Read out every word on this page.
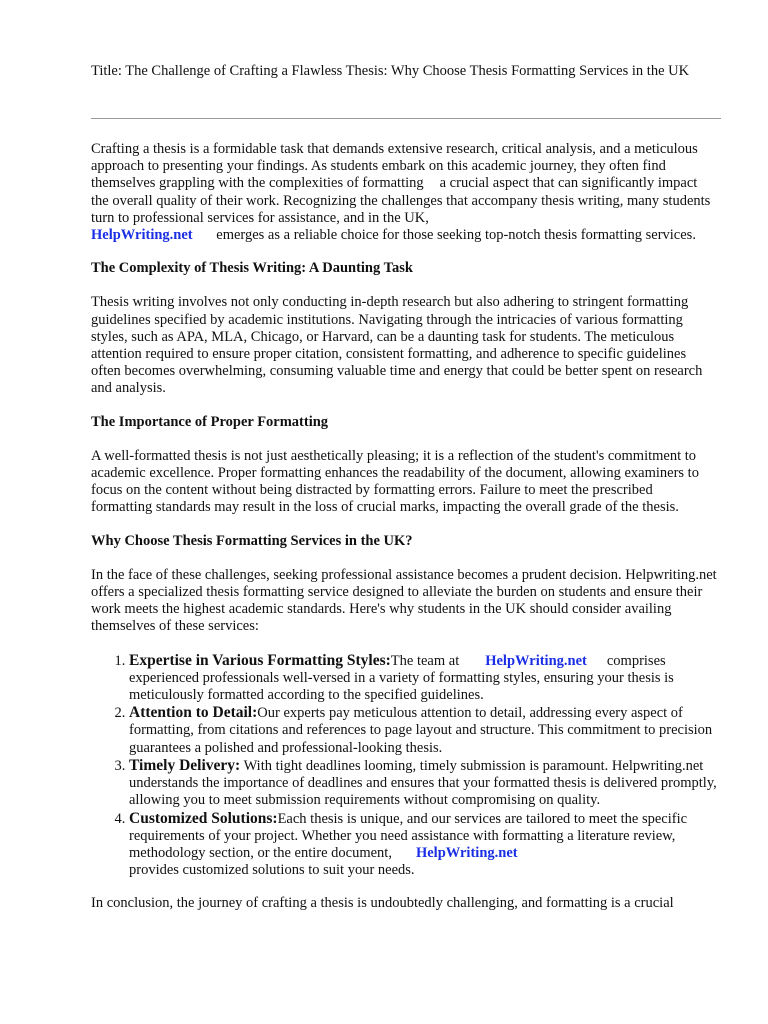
Title: The Challenge of Crafting a Flawless Thesis: Why Choose Thesis Formatting Services in the UK

Crafting a thesis is a formidable task that demands extensive research, critical analysis, and a meticulous approach to presenting your findings. As students embark on this academic journey, they often find themselves grappling with the complexities of formatting a crucial aspect that can significantly impact the overall quality of their work. Recognizing the challenges that accompany thesis writing, many students turn to professional services for assistance, and in the UK,
HelpWriting.net emerges as a reliable choice for those seeking top-notch thesis formatting services.

The Complexity of Thesis Writing: A Daunting Task

Thesis writing involves not only conducting in-depth research but also adhering to stringent formatting guidelines specified by academic institutions. Navigating through the intricacies of various formatting styles, such as APA, MLA, Chicago, or Harvard, can be a daunting task for students. The meticulous attention required to ensure proper citation, consistent formatting, and adherence to specific guidelines often becomes overwhelming, consuming valuable time and energy that could be better spent on research and analysis.

The Importance of Proper Formatting

A well-formatted thesis is not just aesthetically pleasing; it is a reflection of the student's commitment to academic excellence. Proper formatting enhances the readability of the document, allowing examiners to focus on the content without being distracted by formatting errors. Failure to meet the prescribed formatting standards may result in the loss of crucial marks, impacting the overall grade of the thesis.

Why Choose Thesis Formatting Services in the UK?

In the face of these challenges, seeking professional assistance becomes a prudent decision. Helpwriting.net offers a specialized thesis formatting service designed to alleviate the burden on students and ensure their work meets the highest academic standards. Here's why students in the UK should consider availing themselves of these services:

1. Expertise in Various Formatting Styles:The team at HelpWriting.net comprises experienced professionals well-versed in a variety of formatting styles, ensuring your thesis is meticulously formatted according to the specified guidelines.
2. Attention to Detail:Our experts pay meticulous attention to detail, addressing every aspect of formatting, from citations and references to page layout and structure. This commitment to precision guarantees a polished and professional-looking thesis.
3. Timely Delivery: With tight deadlines looming, timely submission is paramount. Helpwriting.net understands the importance of deadlines and ensures that your formatted thesis is delivered promptly, allowing you to meet submission requirements without compromising on quality.
4. Customized Solutions:Each thesis is unique, and our services are tailored to meet the specific requirements of your project. Whether you need assistance with formatting a literature review, methodology section, or the entire document, HelpWriting.net
provides customized solutions to suit your needs.

In conclusion, the journey of crafting a thesis is undoubtedly challenging, and formatting is a crucial
